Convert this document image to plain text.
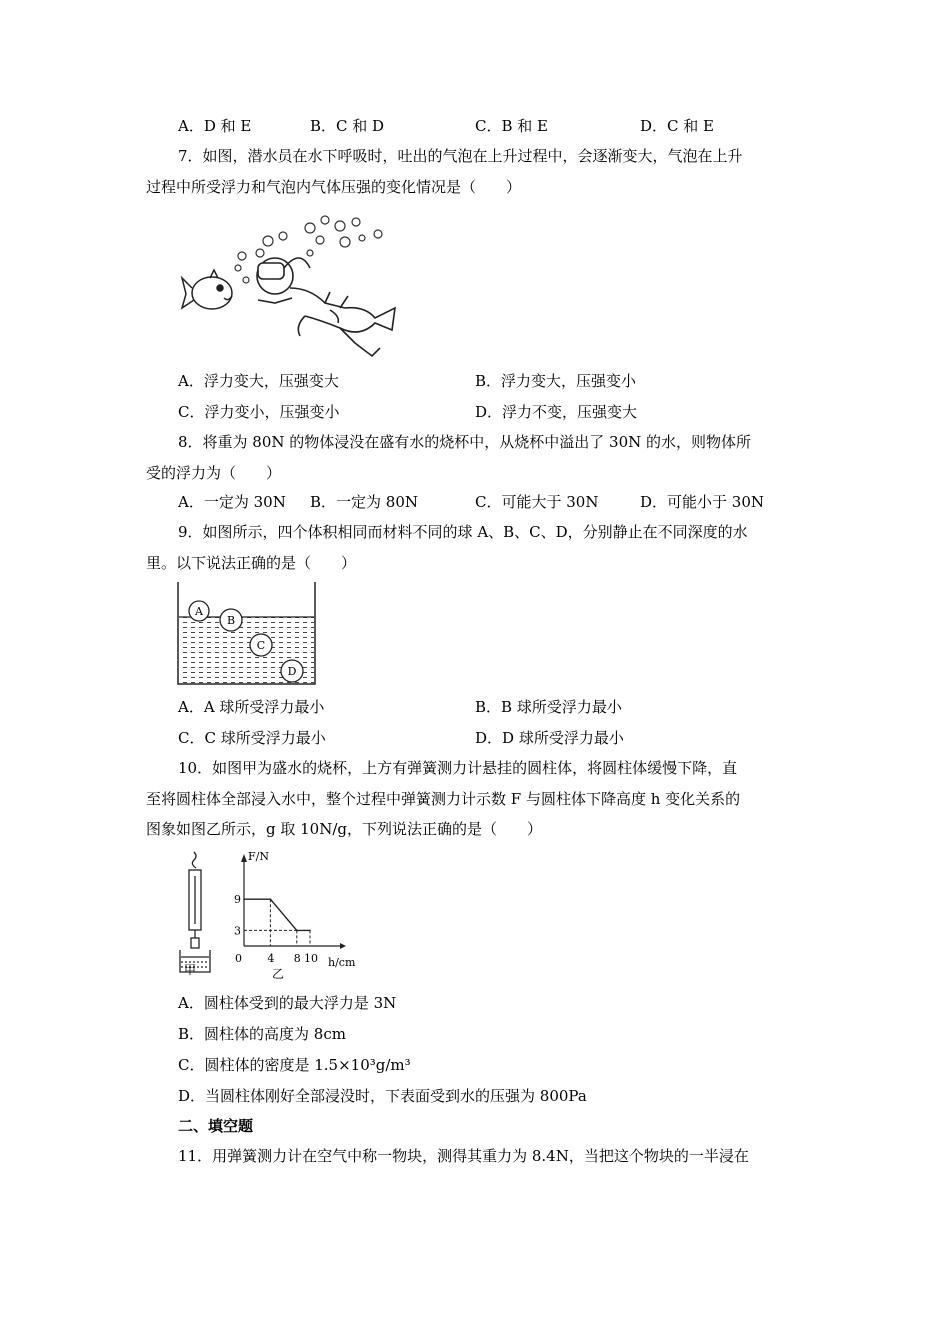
A．D 和 E	B．C 和 D	C．B 和 E	D．C 和 E
7．如图，潜水员在水下呼吸时，吐出的气泡在上升过程中，会逐渐变大，气泡在上升
过程中所受浮力和气泡内气体压强的变化情况是（　　）
A．浮力变大，压强变大	B．浮力变大，压强变小
C．浮力变小，压强变小	D．浮力不变，压强变大
8．将重为 80N 的物体浸没在盛有水的烧杯中，从烧杯中溢出了 30N 的水，则物体所
受的浮力为（　　）
A．一定为 30N B．一定为 80N	C．可能大于 30N	D．可能小于 30N
9．如图所示，四个体积相同而材料不同的球 A、B、C、D，分别静止在不同深度的水
里。以下说法正确的是（　　）
A
B
C
D
A．A 球所受浮力最小	B．B 球所受浮力最小
C．C 球所受浮力最小	D．D 球所受浮力最小
10．如图甲为盛水的烧杯，上方有弹簧测力计悬挂的圆柱体，将圆柱体缓慢下降，直
至将圆柱体全部浸入水中，整个过程中弹簧测力计示数 F 与圆柱体下降高度 h 变化关系的
图象如图乙所示，g 取 10N/g，下列说法正确的是（　　）
甲
F/N
h/cm
0 4 8 10
9
3
乙
A．圆柱体受到的最大浮力是 3N
B．圆柱体的高度为 8cm
C．圆柱体的密度是 1.5×10³g/m³
D．当圆柱体刚好全部浸没时，下表面受到水的压强为 800Pa
二、填空题
11．用弹簧测力计在空气中称一物块，测得其重力为 8.4N，当把这个物块的一半浸在
